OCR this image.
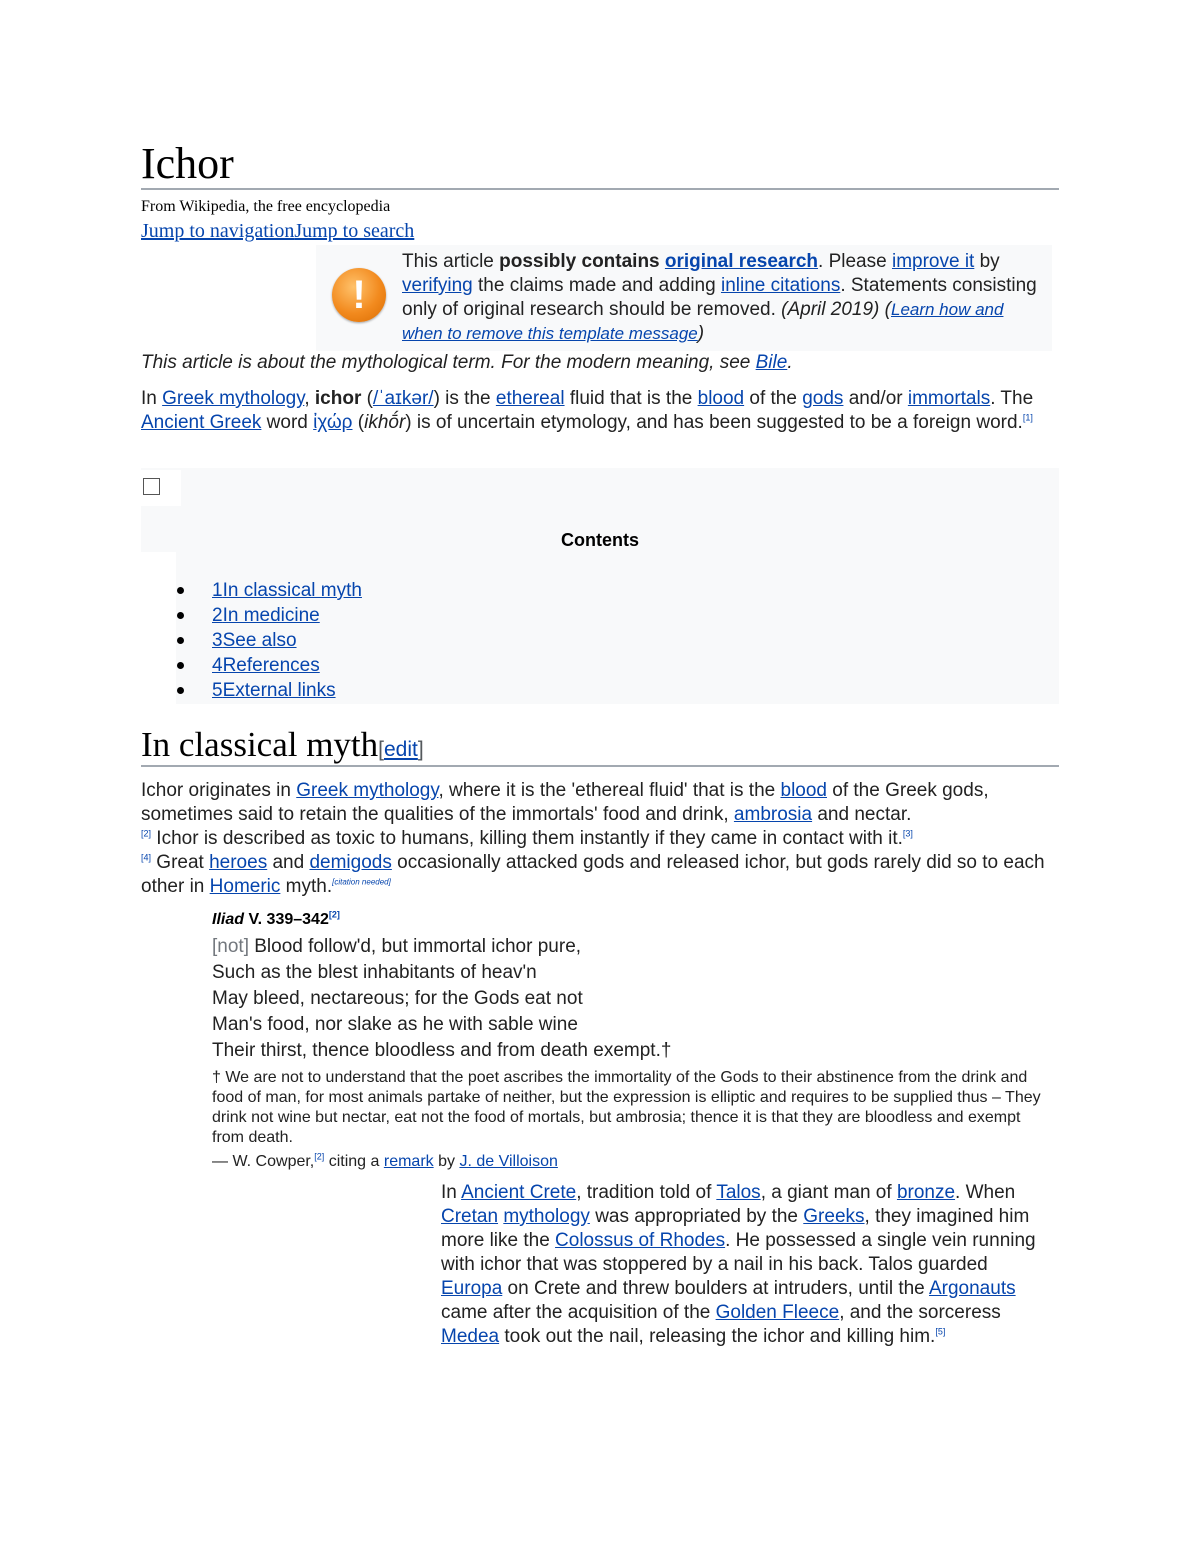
Ichor
From Wikipedia, the free encyclopedia
Jump to navigationJump to search
!
This article possibly contains original research. Please improve it by verifying the claims made and adding inline citations. Statements consisting only of original research should be removed. (April 2019) (Learn how and when to remove this template message)
This article is about the mythological term. For the modern meaning, see Bile.
In Greek mythology, ichor (/ˈaɪkər/) is the ethereal fluid that is the blood of the gods and/or immortals. The Ancient Greek word ἰχώρ (ikhṓr) is of uncertain etymology, and has been suggested to be a foreign word.[1]
Contents
1In classical myth
2In medicine
3See also
4References
5External links
In classical myth[edit]
Ichor originates in Greek mythology, where it is the 'ethereal fluid' that is the blood of the Greek gods, sometimes said to retain the qualities of the immortals' food and drink, ambrosia and nectar.
[2] Ichor is described as toxic to humans, killing them instantly if they came in contact with it.[3]
[4] Great heroes and demigods occasionally attacked gods and released ichor, but gods rarely did so to each other in Homeric myth.[citation needed]
Iliad V. 339–342[2]
[not] Blood follow'd, but immortal ichor pure,
Such as the blest inhabitants of heav'n
May bleed, nectareous; for the Gods eat not
Man's food, nor slake as he with sable wine
Their thirst, thence bloodless and from death exempt.†
† We are not to understand that the poet ascribes the immortality of the Gods to their abstinence from the drink and food of man, for most animals partake of neither, but the expression is elliptic and requires to be supplied thus – They drink not wine but nectar, eat not the food of mortals, but ambrosia; thence it is that they are bloodless and exempt from death.
— W. Cowper,[2] citing a remark by J. de Villoison
In Ancient Crete, tradition told of Talos, a giant man of bronze. When Cretan mythology was appropriated by the Greeks, they imagined him more like the Colossus of Rhodes. He possessed a single vein running with ichor that was stoppered by a nail in his back. Talos guarded Europa on Crete and threw boulders at intruders, until the Argonauts came after the acquisition of the Golden Fleece, and the sorceress Medea took out the nail, releasing the ichor and killing him.[5]
